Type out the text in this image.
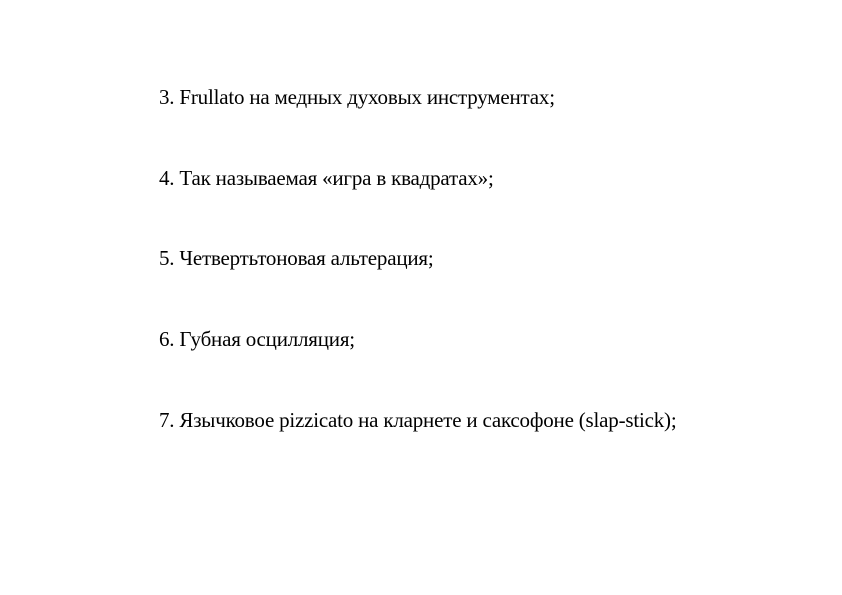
3. Frullato на медных духовых инструментах;

4. Так называемая «игра в квадратах»;

5. Четвертьтоновая альтерация;

6. Губная осцилляция;

7. Язычковое pizzicato на кларнете и саксофоне (slap-stick);
